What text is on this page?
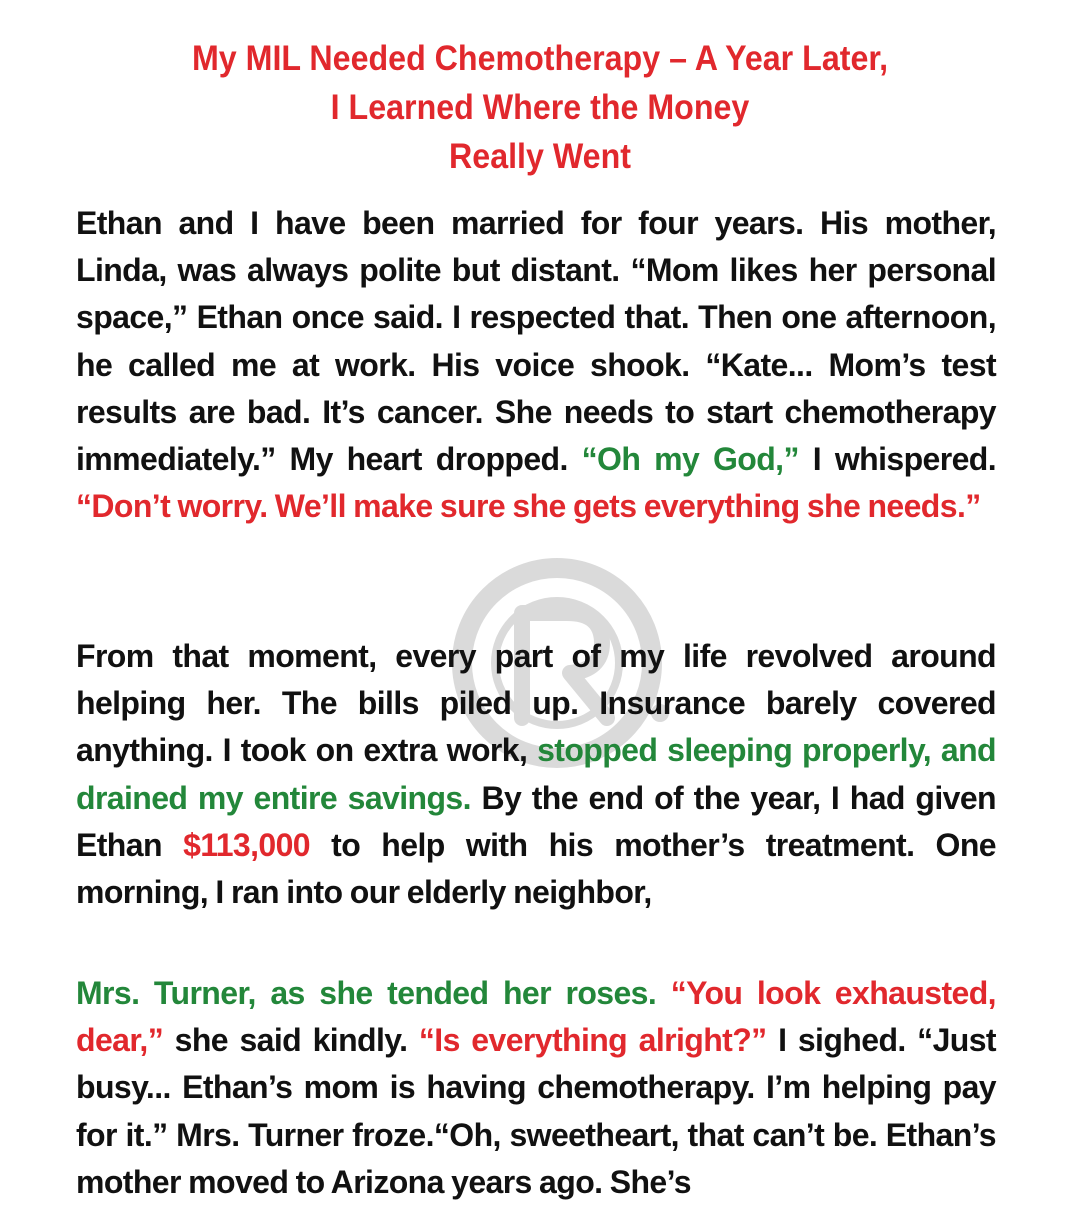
My MIL Needed Chemotherapy – A Year Later,
I Learned Where the Money
Really Went

Ethan and I have been married for four years. His mother, Linda, was always polite but distant. “Mom likes her personal space,” Ethan once said. I respected that. Then one afternoon, he called me at work. His voice shook. “Kate... Mom’s test results are bad. It’s cancer. She needs to start chemotherapy immediately.” My heart dropped. “Oh my God,” I whispered. “Don’t worry. We’ll make sure she gets everything she needs.”

From that moment, every part of my life revolved around helping her. The bills piled up. Insurance barely covered anything. I took on extra work, stopped sleeping properly, and drained my entire savings. By the end of the year, I had given Ethan $113,000 to help with his mother’s treatment. One morning, I ran into our elderly neighbor,

Mrs. Turner, as she tended her roses. “You look exhausted, dear,” she said kindly. “Is everything alright?” I sighed. “Just busy... Ethan’s mom is having chemotherapy. I’m helping pay for it.” Mrs. Turner froze.“Oh, sweetheart, that can’t be. Ethan’s mother moved to Arizona years ago. She’s
